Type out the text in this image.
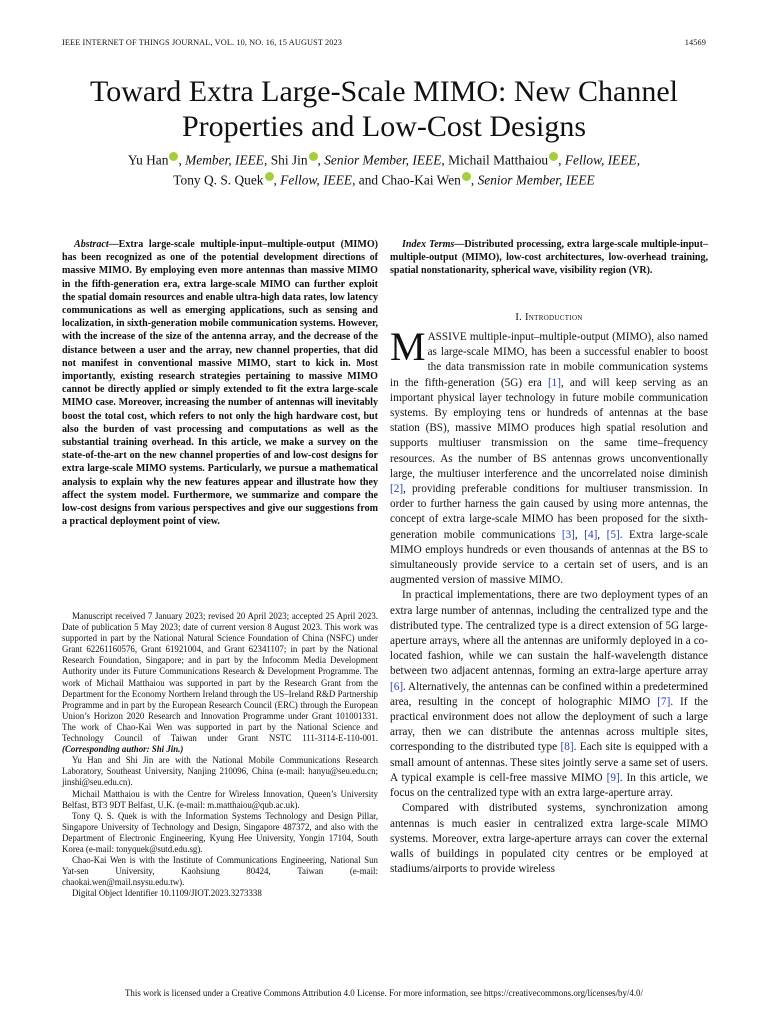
IEEE INTERNET OF THINGS JOURNAL, VOL. 10, NO. 16, 15 AUGUST 2023	14569
Toward Extra Large-Scale MIMO: New Channel Properties and Low-Cost Designs
Yu Han , Member, IEEE, Shi Jin , Senior Member, IEEE, Michail Matthaiou , Fellow, IEEE,
Tony Q. S. Quek , Fellow, IEEE, and Chao-Kai Wen , Senior Member, IEEE
Abstract—Extra large-scale multiple-input–multiple-output (MIMO) has been recognized as one of the potential development directions of massive MIMO. By employing even more antennas than massive MIMO in the fifth-generation era, extra large-scale MIMO can further exploit the spatial domain resources and enable ultra-high data rates, low latency communications as well as emerging applications, such as sensing and localization, in sixth-generation mobile communication systems. However, with the increase of the size of the antenna array, and the decrease of the distance between a user and the array, new channel properties, that did not manifest in conventional massive MIMO, start to kick in. Most importantly, existing research strategies pertaining to massive MIMO cannot be directly applied or simply extended to fit the extra large-scale MIMO case. Moreover, increasing the number of antennas will inevitably boost the total cost, which refers to not only the high hardware cost, but also the burden of vast processing and computations as well as the substantial training overhead. In this article, we make a survey on the state-of-the-art on the new channel properties of and low-cost designs for extra large-scale MIMO systems. Particularly, we pursue a mathematical analysis to explain why the new features appear and illustrate how they affect the system model. Furthermore, we summarize and compare the low-cost designs from various perspectives and give our suggestions from a practical deployment point of view.
Index Terms—Distributed processing, extra large-scale multiple-input–multiple-output (MIMO), low-cost architectures, low-overhead training, spatial nonstationarity, spherical wave, visibility region (VR).
I. Introduction

MASSIVE multiple-input–multiple-output (MIMO), also named as large-scale MIMO, has been a successful enabler to boost the data transmission rate in mobile communication systems in the fifth-generation (5G) era [1], and will keep serving as an important physical layer technology in future mobile communication systems. By employing tens or hundreds of antennas at the base station (BS), massive MIMO produces high spatial resolution and supports multiuser transmission on the same time–frequency resources. As the number of BS antennas grows unconventionally large, the multiuser interference and the uncorrelated noise diminish [2], providing preferable conditions for multiuser transmission. In order to further harness the gain caused by using more antennas, the concept of extra large-scale MIMO has been proposed for the sixth-generation mobile communications [3], [4], [5]. Extra large-scale MIMO employs hundreds or even thousands of antennas at the BS to simultaneously provide service to a certain set of users, and is an augmented version of massive MIMO.

In practical implementations, there are two deployment types of an extra large number of antennas, including the centralized type and the distributed type. The centralized type is a direct extension of 5G large-aperture arrays, where all the antennas are uniformly deployed in a co-located fashion, while we can sustain the half-wavelength distance between two adjacent antennas, forming an extra-large aperture array [6]. Alternatively, the antennas can be confined within a predetermined area, resulting in the concept of holographic MIMO [7]. If the practical environment does not allow the deployment of such a large array, then we can distribute the antennas across multiple sites, corresponding to the distributed type [8]. Each site is equipped with a small amount of antennas. These sites jointly serve a same set of users. A typical example is cell-free massive MIMO [9]. In this article, we focus on the centralized type with an extra large-aperture array.

Compared with distributed systems, synchronization among antennas is much easier in centralized extra large-scale MIMO systems. Moreover, extra large-aperture arrays can cover the external walls of buildings in populated city centres or be employed at stadiums/airports to provide wireless

Manuscript received 7 January 2023; revised 20 April 2023; accepted 25 April 2023. Date of publication 5 May 2023; date of current version 8 August 2023. This work was supported in part by the National Natural Science Foundation of China (NSFC) under Grant 62261160576, Grant 61921004, and Grant 62341107; in part by the National Research Foundation, Singapore; and in part by the Infocomm Media Development Authority under its Future Communications Research & Development Programme. The work of Michail Matthaiou was supported in part by the Research Grant from the Department for the Economy Northern Ireland through the US–Ireland R&D Partnership Programme and in part by the European Research Council (ERC) through the European Union’s Horizon 2020 Research and Innovation Programme under Grant 101001331. The work of Chao-Kai Wen was supported in part by the National Science and Technology Council of Taiwan under Grant NSTC 111-3114-E-110-001. (Corresponding author: Shi Jin.)

Yu Han and Shi Jin are with the National Mobile Communications Research Laboratory, Southeast University, Nanjing 210096, China (e-mail: hanyu@seu.edu.cn; jinshi@seu.edu.cn).

Michail Matthaiou is with the Centre for Wireless Innovation, Queen’s University Belfast, BT3 9DT Belfast, U.K. (e-mail: m.matthaiou@qub.ac.uk).

Tony Q. S. Quek is with the Information Systems Technology and Design Pillar, Singapore University of Technology and Design, Singapore 487372, and also with the Department of Electronic Engineering, Kyung Hee University, Yongin 17104, South Korea (e-mail: tonyquek@sutd.edu.sg).

Chao-Kai Wen is with the Institute of Communications Engineering, National Sun Yat-sen University, Kaohsiung 80424, Taiwan (e-mail: chaokai.wen@mail.nsysu.edu.tw).

Digital Object Identifier 10.1109/JIOT.2023.3273338

This work is licensed under a Creative Commons Attribution 4.0 License. For more information, see https://creativecommons.org/licenses/by/4.0/
